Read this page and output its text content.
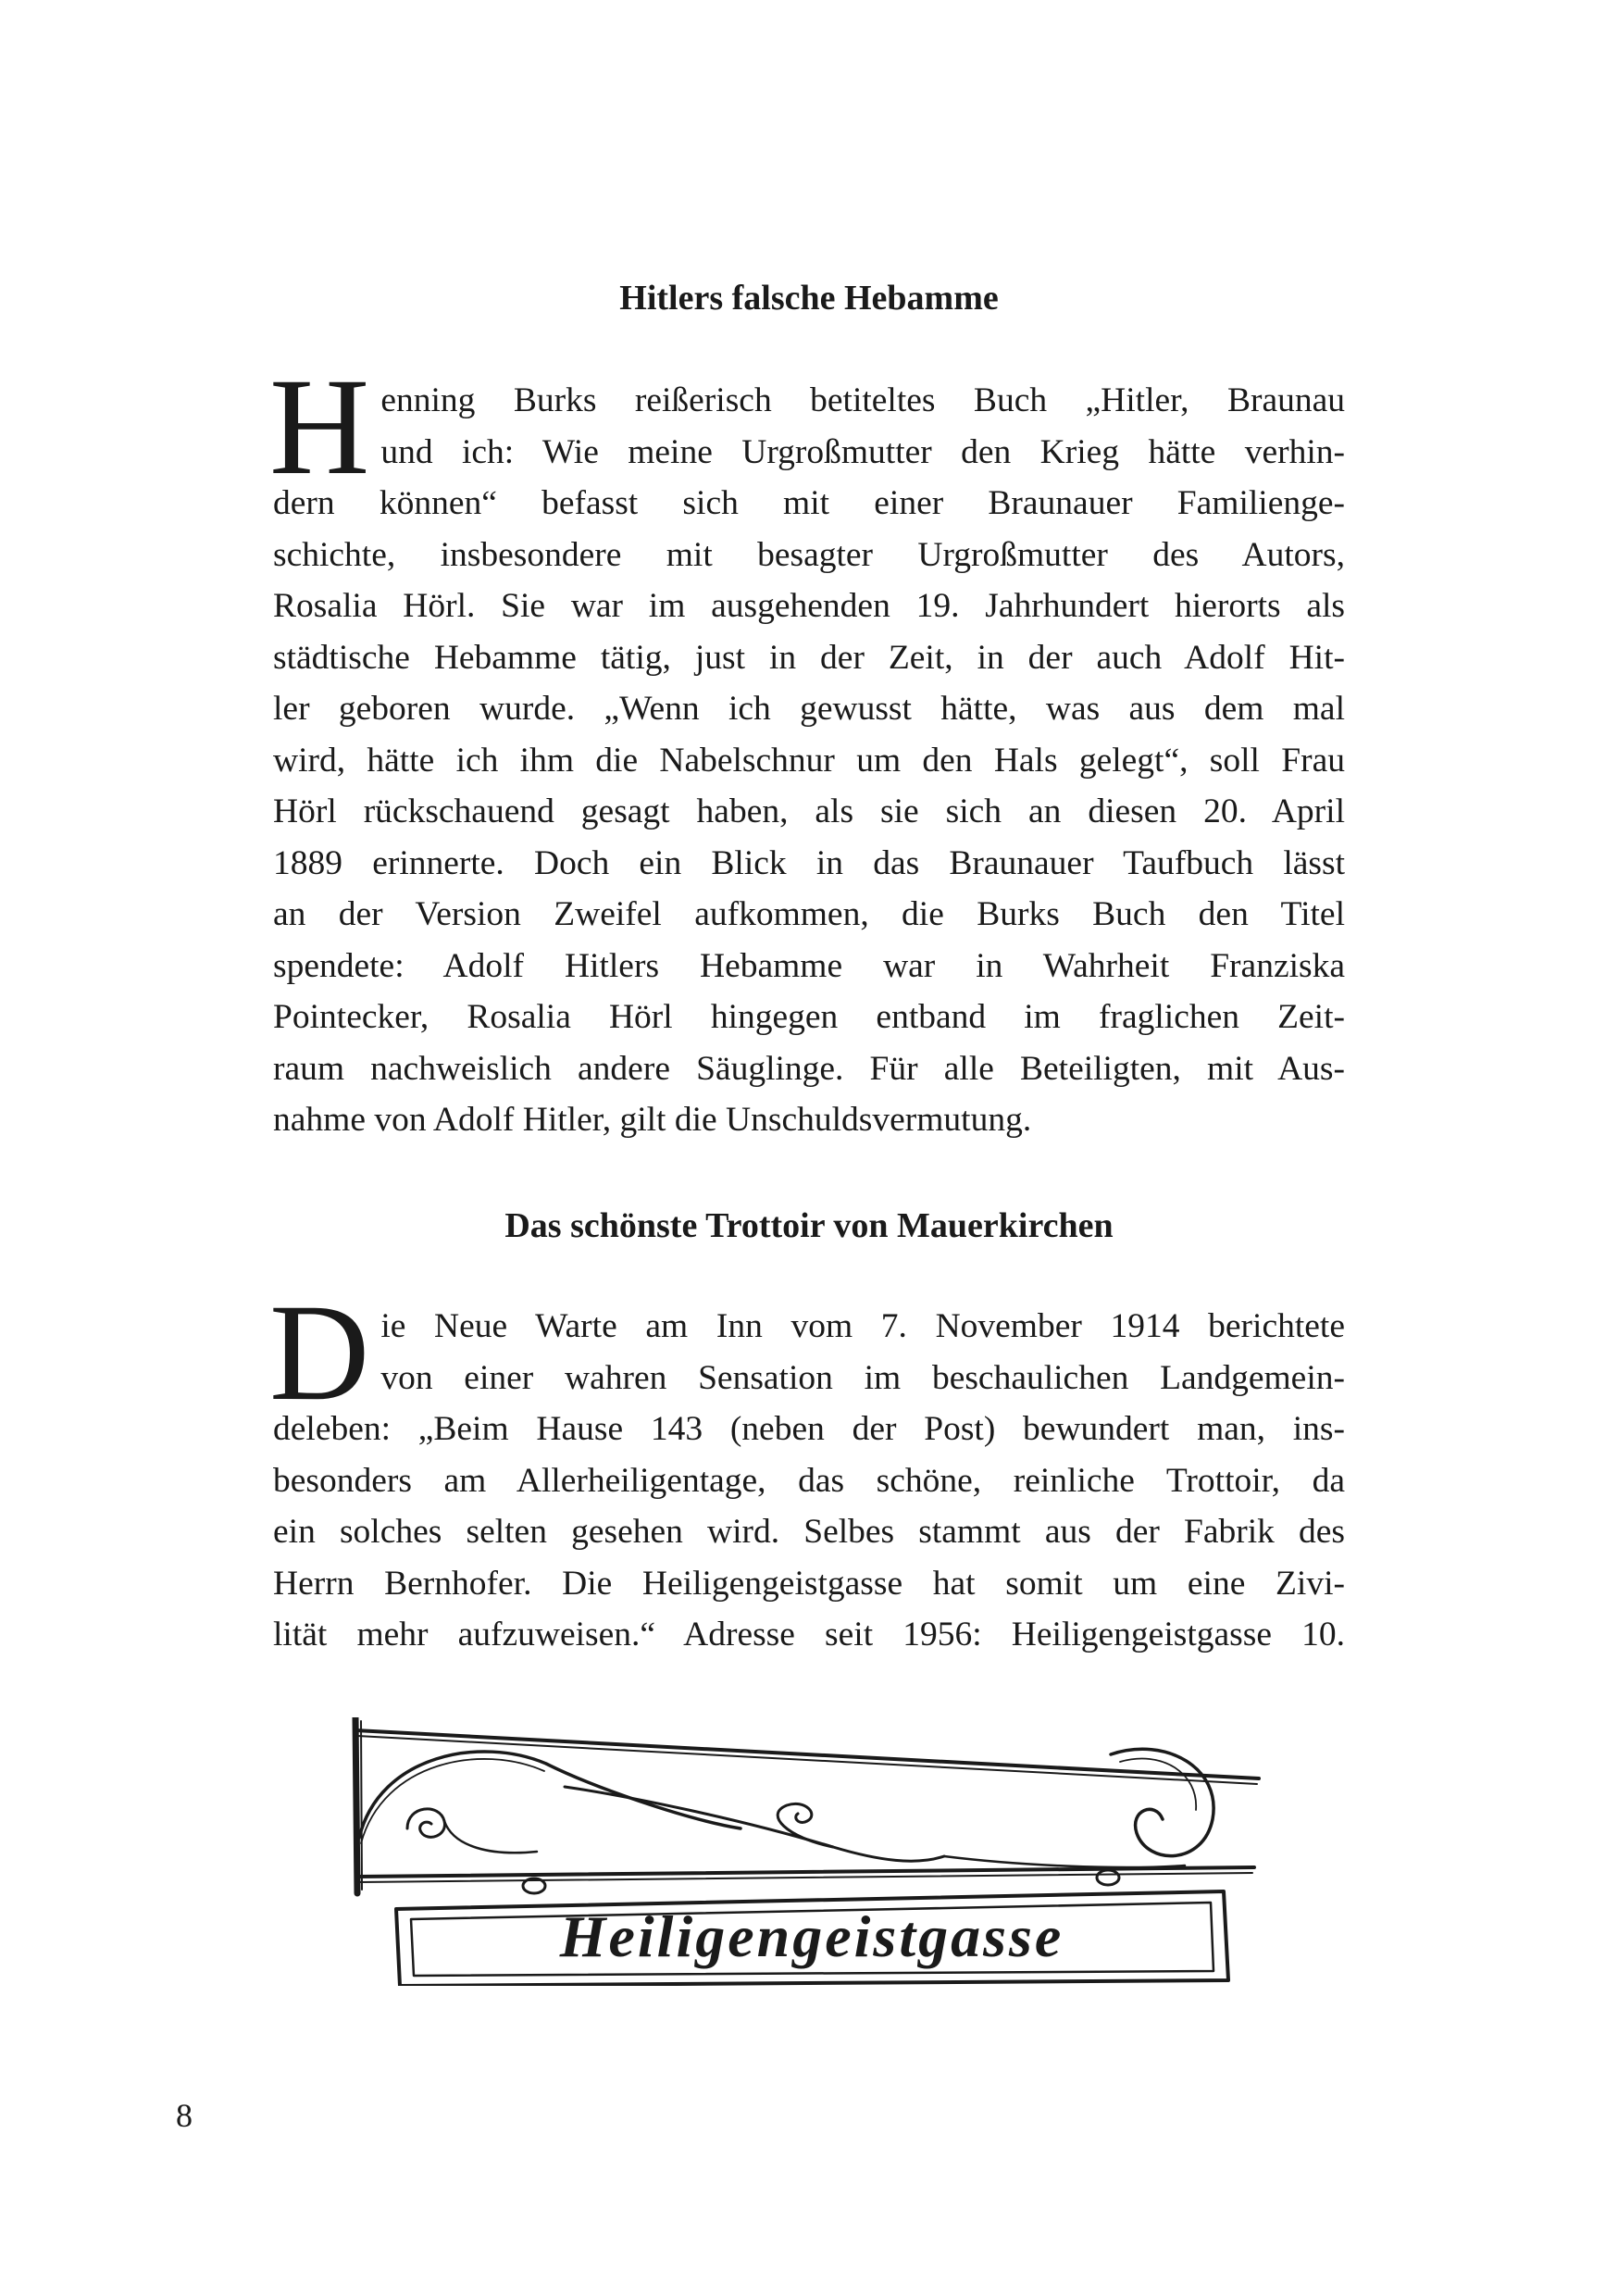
Hitlers falsche Hebamme

H enning Burks reißerisch betiteltes Buch „Hitler, Braunau
und ich: Wie meine Urgroßmutter den Krieg hätte verhin-
dern können“ befasst sich mit einer Braunauer Familienge-
schichte, insbesondere mit besagter Urgroßmutter des Autors,
Rosalia Hörl. Sie war im ausgehenden 19. Jahrhundert hierorts als
städtische Hebamme tätig, just in der Zeit, in der auch Adolf Hit-
ler geboren wurde. „Wenn ich gewusst hätte, was aus dem mal
wird, hätte ich ihm die Nabelschnur um den Hals gelegt“, soll Frau
Hörl rückschauend gesagt haben, als sie sich an diesen 20. April
1889 erinnerte. Doch ein Blick in das Braunauer Taufbuch lässt
an der Version Zweifel aufkommen, die Burks Buch den Titel
spendete: Adolf Hitlers Hebamme war in Wahrheit Franziska
Pointecker, Rosalia Hörl hingegen entband im fraglichen Zeit-
raum nachweislich andere Säuglinge. Für alle Beteiligten, mit Aus-
nahme von Adolf Hitler, gilt die Unschuldsvermutung.

Das schönste Trottoir von Mauerkirchen

D ie Neue Warte am Inn vom 7. November 1914 berichtete
von einer wahren Sensation im beschaulichen Landgemein-
deleben: „Beim Hause 143 (neben der Post) bewundert man, ins-
besonders am Allerheiligentage, das schöne, reinliche Trottoir, da
ein solches selten gesehen wird. Selbes stammt aus der Fabrik des
Herrn Bernhofer. Die Heiligengeistgasse hat somit um eine Zivi-
lität mehr aufzuweisen.“ Adresse seit 1956: Heiligengeistgasse 10.

Heiligengeistgasse
8
